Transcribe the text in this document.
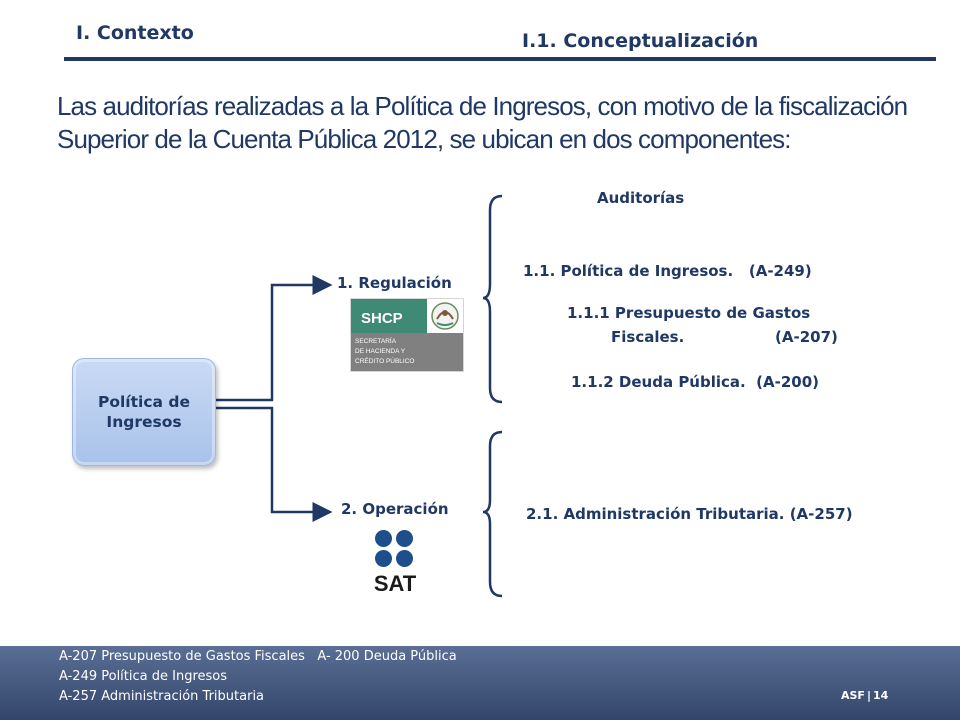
I. Contexto	I.1. Conceptualización
Las auditorías realizadas a la Política de Ingresos, con motivo de la fiscalización Superior de la Cuenta Pública 2012, se ubican en dos componentes:
Política de Ingresos
1. Regulación
2. Operación
SHCP
SECRETARÍA
DE HACIENDA Y
CRÉDITO PÚBLICO
SAT
Auditorías
1.1. Política de Ingresos.   (A-249)
1.1.1 Presupuesto de Gastos
Fiscales.	(A-207)
1.1.2 Deuda Pública.  (A-200)
2.1. Administración Tributaria. (A-257)
A-207 Presupuesto de Gastos Fiscales   A- 200 Deuda Pública
A-249 Política de Ingresos
A-257 Administración Tributaria	ASF | 14
